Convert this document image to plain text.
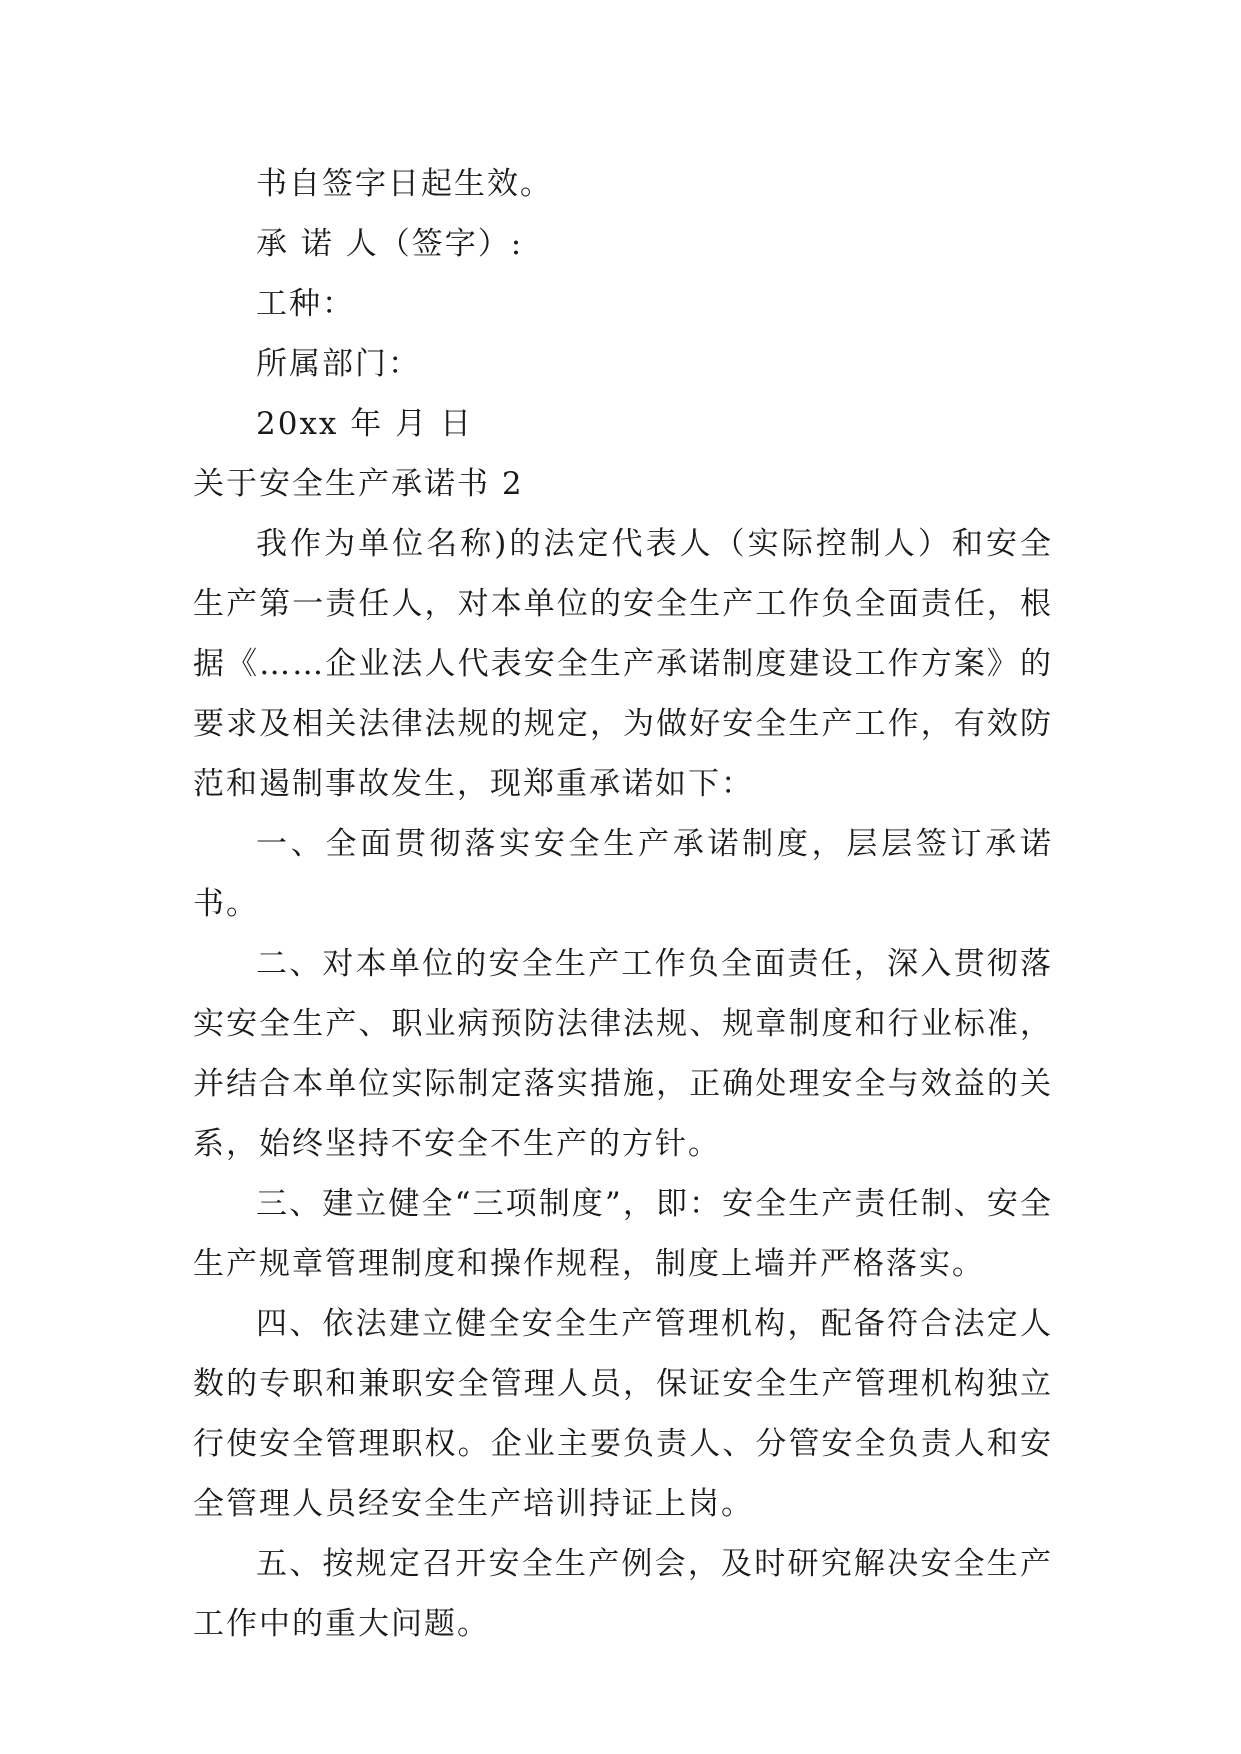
书自签字日起生效。
承 诺 人（签字）:
工种：
所属部门：
20xx 年 月 日
关于安全生产承诺书 2

我作为单位名称)的法定代表人（实际控制人）和安全生产第一责任人，对本单位的安全生产工作负全面责任，根据《……企业法人代表安全生产承诺制度建设工作方案》的要求及相关法律法规的规定，为做好安全生产工作，有效防范和遏制事故发生，现郑重承诺如下：

一、全面贯彻落实安全生产承诺制度，层层签订承诺书。

二、对本单位的安全生产工作负全面责任，深入贯彻落实安全生产、职业病预防法律法规、规章制度和行业标准，并结合本单位实际制定落实措施，正确处理安全与效益的关系，始终坚持不安全不生产的方针。

三、建立健全“三项制度”，即：安全生产责任制、安全生产规章管理制度和操作规程，制度上墙并严格落实。

四、依法建立健全安全生产管理机构，配备符合法定人数的专职和兼职安全管理人员，保证安全生产管理机构独立行使安全管理职权。企业主要负责人、分管安全负责人和安全管理人员经安全生产培训持证上岗。

五、按规定召开安全生产例会，及时研究解决安全生产工作中的重大问题。
